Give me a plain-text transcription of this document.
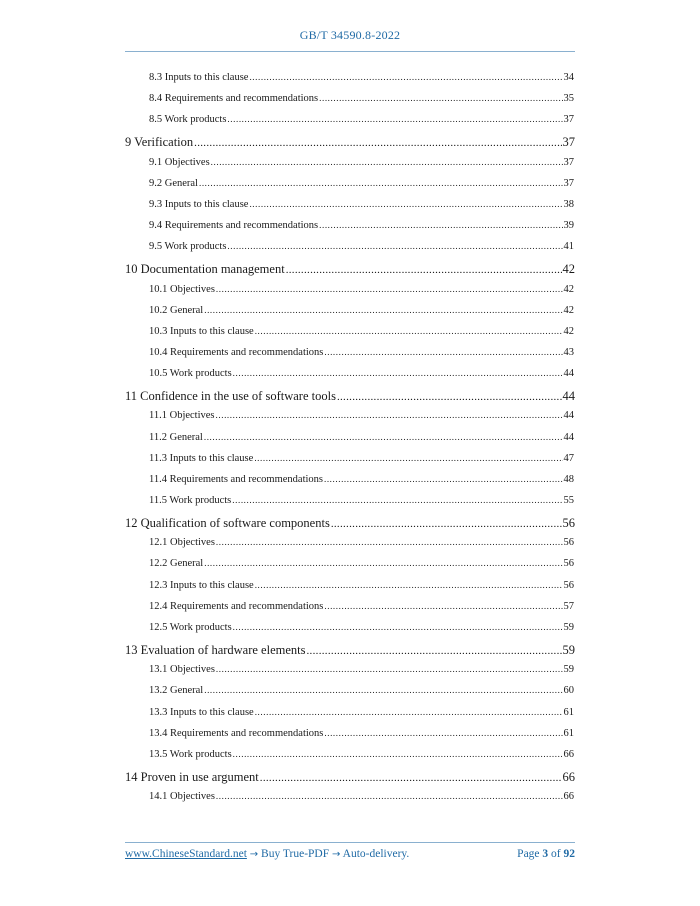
GB/T 34590.8-2022
8.3 Inputs to this clause .....	34
8.4 Requirements and recommendations .....	35
8.5 Work products .....	37
9 Verification .....	37
9.1 Objectives .....	37
9.2 General .....	37
9.3 Inputs to this clause .....	38
9.4 Requirements and recommendations .....	39
9.5 Work products .....	41
10 Documentation management .....	42
10.1 Objectives .....	42
10.2 General .....	42
10.3 Inputs to this clause .....	42
10.4 Requirements and recommendations .....	43
10.5 Work products .....	44
11 Confidence in the use of software tools .....	44
11.1 Objectives .....	44
11.2 General .....	44
11.3 Inputs to this clause .....	47
11.4 Requirements and recommendations .....	48
11.5 Work products .....	55
12 Qualification of software components .....	56
12.1 Objectives .....	56
12.2 General .....	56
12.3 Inputs to this clause .....	56
12.4 Requirements and recommendations .....	57
12.5 Work products .....	59
13 Evaluation of hardware elements .....	59
13.1 Objectives .....	59
13.2 General .....	60
13.3 Inputs to this clause .....	61
13.4 Requirements and recommendations .....	61
13.5 Work products .....	66
14 Proven in use argument .....	66
14.1 Objectives .....	66
www.ChineseStandard.net → Buy True-PDF → Auto-delivery.	Page 3 of 92
